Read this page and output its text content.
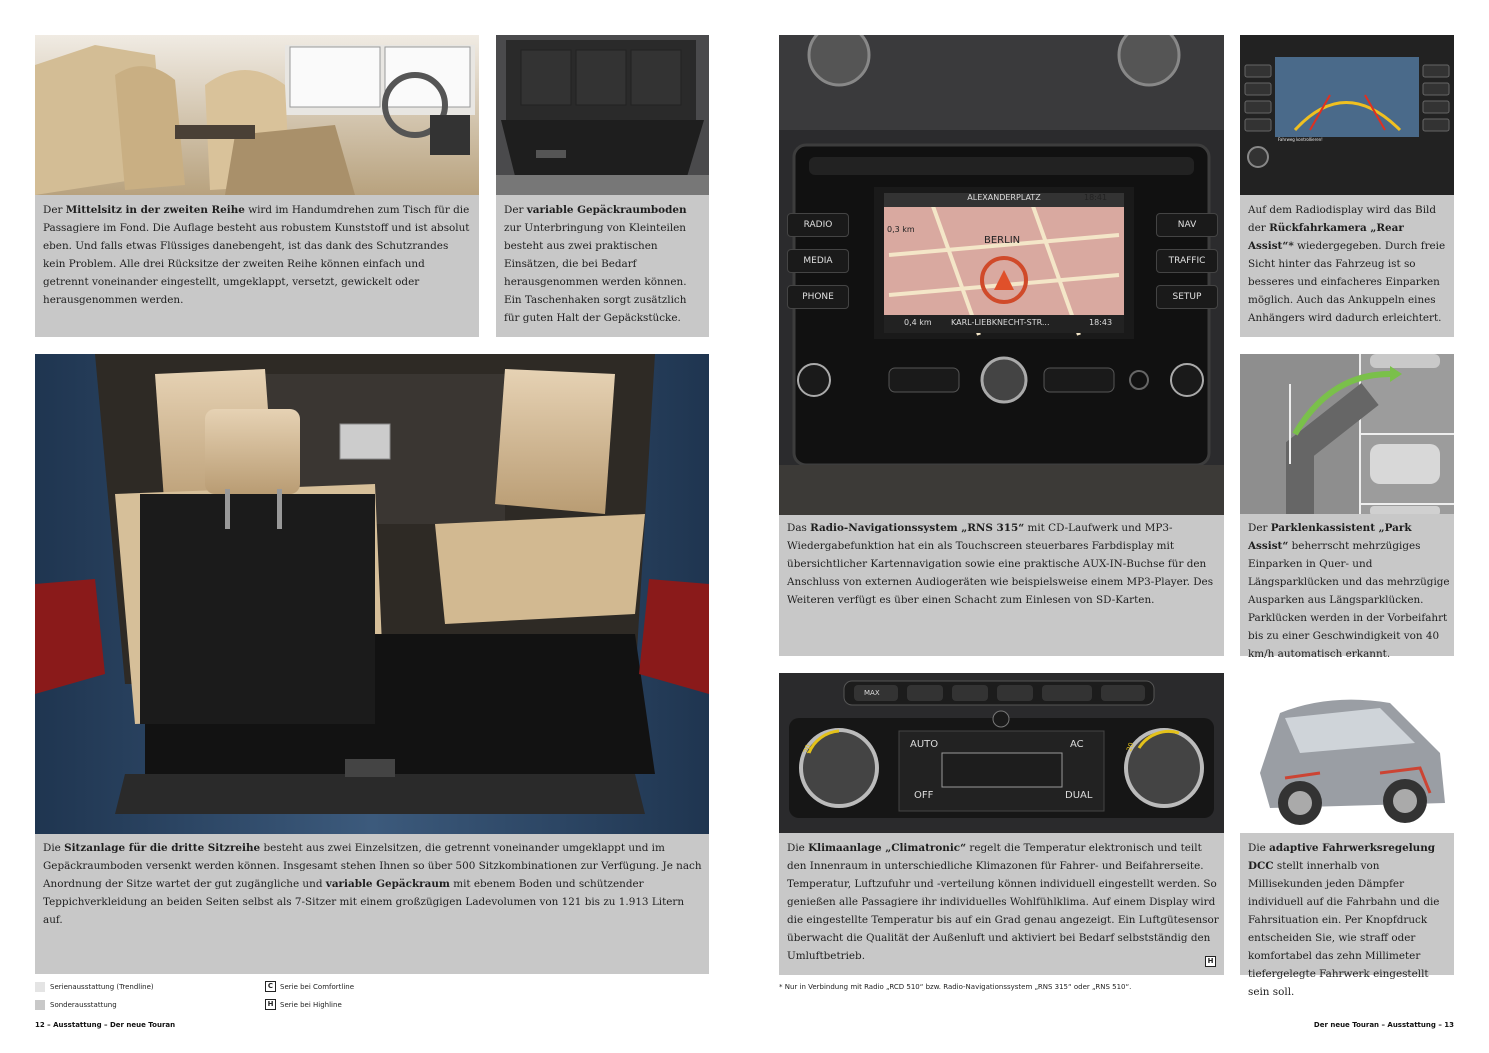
Der Mittelsitz in der zweiten Reihe wird im Handumdrehen zum Tisch für die Passagiere im Fond. Die Auflage besteht aus robustem Kunststoff und ist absolut eben. Und falls etwas Flüssiges danebengeht, ist das dank des Schutzrandes kein Problem. Alle drei Rücksitze der zweiten Reihe können einfach und getrennt voneinander eingestellt, umgeklappt, versetzt, gewickelt oder herausgenommen werden.
Der variable Gepäckraumboden zur Unterbringung von Kleinteilen besteht aus zwei praktischen Einsätzen, die bei Bedarf herausgenommen werden können. Ein Taschenhaken sorgt zusätzlich für guten Halt der Gepäckstücke.
Die Sitzanlage für die dritte Sitzreihe besteht aus zwei Einzelsitzen, die getrennt voneinander umgeklappt und im Gepäckraumboden versenkt werden können. Insgesamt stehen Ihnen so über 500 Sitzkombinationen zur Verfügung. Je nach Anordnung der Sitze wartet der gut zugängliche und variable Gepäckraum mit ebenem Boden und schützender Teppichverkleidung an beiden Seiten selbst als 7-Sitzer mit einem großzügigen Ladevolumen von 121 bis zu 1.913 Litern auf.
Serienausstattung (Trendline)
Sonderausstattung
C Serie bei Comfortline
H Serie bei Highline
12 – Ausstattung – Der neue Touran
ALEXANDERPLATZ	18:41
0,3 km
BERLIN
0,4 km KARL-LIEBKNECHT-STR...	18:43
RADIO
MEDIA
PHONE
NAV
TRAFFIC
SETUP
Das Radio-Navigationssystem „RNS 315“ mit CD-Laufwerk und MP3-Wiedergabefunktion hat ein als Touchscreen steuerbares Farbdisplay mit übersichtlicher Kartennavigation sowie eine praktische AUX-IN-Buchse für den Anschluss von externen Audiogeräten wie beispielsweise einem MP3-Player. Des Weiteren verfügt es über einen Schacht zum Einlesen von SD-Karten.
Fahrweg kontrollieren!
Auf dem Radiodisplay wird das Bild der Rückfahrkamera „Rear Assist“* wiedergegeben. Durch freie Sicht hinter das Fahrzeug ist so besseres und einfacheres Einparken möglich. Auch das Ankuppeln eines Anhängers wird dadurch erleichtert.
Der Parklenkassistent „Park Assist“ beherrscht mehrzügiges Einparken in Quer- und Längsparklücken und das mehrzügige Ausparken aus Längsparklücken. Parklücken werden in der Vorbeifahrt bis zu einer Geschwindigkeit von 40 km/h automatisch erkannt.
MAX
AUTO	AC
OFF	DUAL
20	20
Die Klimaanlage „Climatronic“ regelt die Temperatur elektronisch und teilt den Innenraum in unterschiedliche Klimazonen für Fahrer- und Beifahrerseite. Temperatur, Luftzufuhr und -verteilung können individuell eingestellt werden. So genießen alle Passagiere ihr individuelles Wohlfühlklima. Auf einem Display wird die eingestellte Temperatur bis auf ein Grad genau angezeigt. Ein Luftgütesensor überwacht die Qualität der Außenluft und aktiviert bei Bedarf selbstständig den Umluftbetrieb.	H
Die adaptive Fahrwerksregelung DCC stellt innerhalb von Millisekunden jeden Dämpfer individuell auf die Fahrbahn und die Fahrsituation ein. Per Knopfdruck entscheiden Sie, wie straff oder komfortabel das zehn Millimeter tiefergelegte Fahrwerk eingestellt sein soll.
* Nur in Verbindung mit Radio „RCD 510“ bzw. Radio-Navigationssystem „RNS 315“ oder „RNS 510“.
Der neue Touran – Ausstattung – 13
